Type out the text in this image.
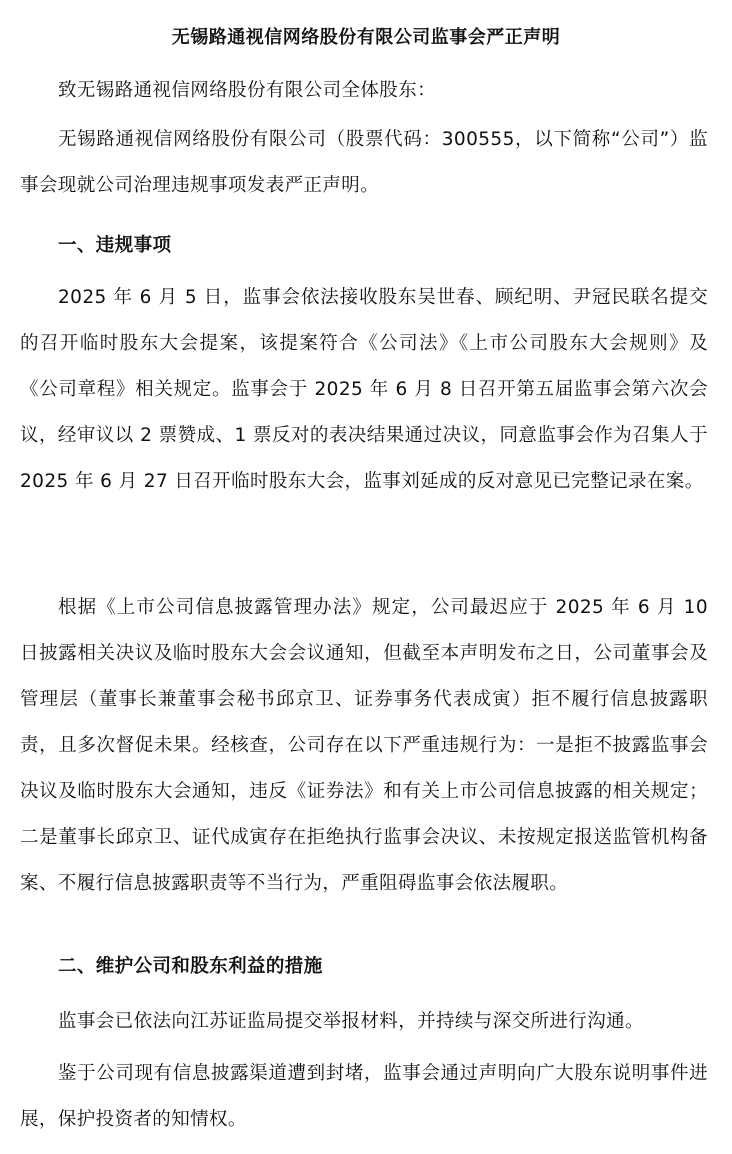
无锡路通视信网络股份有限公司监事会严正声明
致无锡路通视信网络股份有限公司全体股东：
无锡路通视信网络股份有限公司（股票代码：300555，以下简称“公司”）监事会现就公司治理违规事项发表严正声明。
一、违规事项
2025 年 6 月 5 日，监事会依法接收股东吴世春、顾纪明、尹冠民联名提交的召开临时股东大会提案，该提案符合《公司法》《上市公司股东大会规则》及《公司章程》相关规定。监事会于 2025 年 6 月 8 日召开第五届监事会第六次会议，经审议以 2 票赞成、1 票反对的表决结果通过决议，同意监事会作为召集人于 2025 年 6 月 27 日召开临时股东大会，监事刘延成的反对意见已完整记录在案。
根据《上市公司信息披露管理办法》规定，公司最迟应于 2025 年 6 月 10 日披露相关决议及临时股东大会会议通知，但截至本声明发布之日，公司董事会及管理层（董事长兼董事会秘书邱京卫、证券事务代表成寅）拒不履行信息披露职责，且多次督促未果。经核查，公司存在以下严重违规行为：一是拒不披露监事会决议及临时股东大会通知，违反《证券法》和有关上市公司信息披露的相关规定；二是董事长邱京卫、证代成寅存在拒绝执行监事会决议、未按规定报送监管机构备案、不履行信息披露职责等不当行为，严重阻碍监事会依法履职。
二、维护公司和股东利益的措施
监事会已依法向江苏证监局提交举报材料，并持续与深交所进行沟通。
鉴于公司现有信息披露渠道遭到封堵，监事会通过声明向广大股东说明事件进展，保护投资者的知情权。
